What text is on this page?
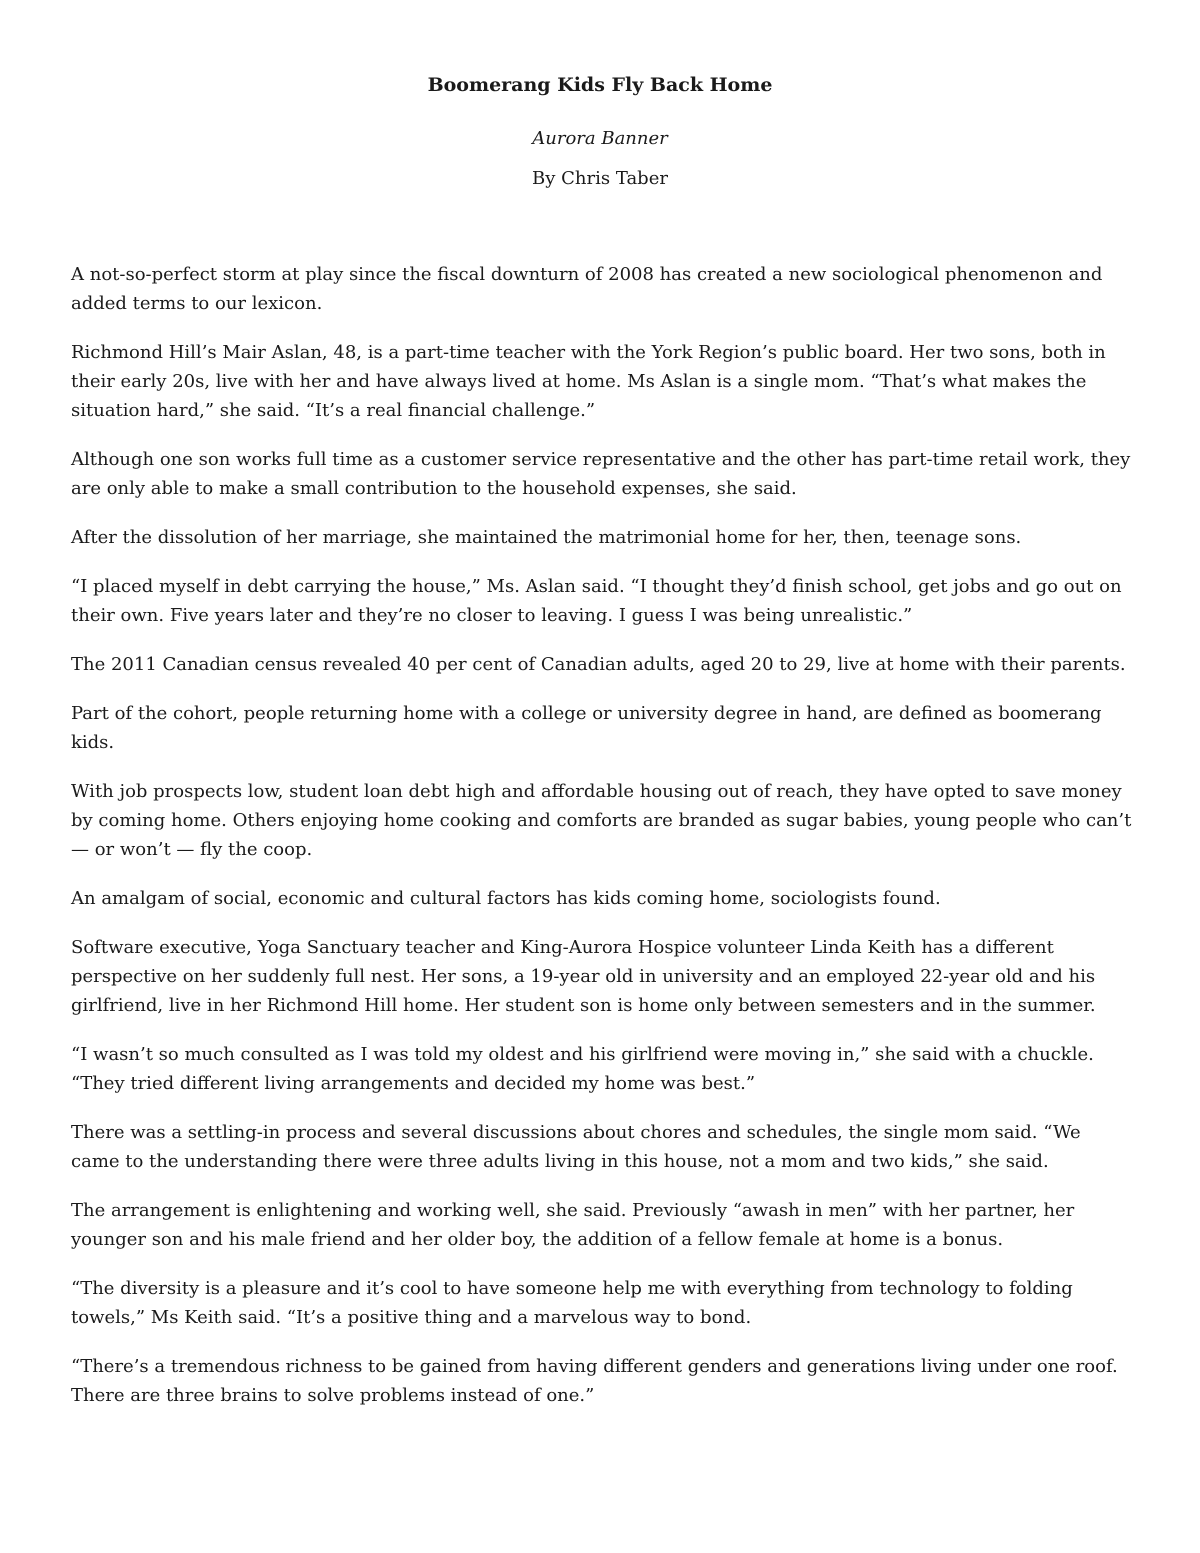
Boomerang Kids Fly Back Home
Aurora Banner
By Chris Taber

A not-so-perfect storm at play since the fiscal downturn of 2008 has created a new sociological phenomenon and added terms to our lexicon.

Richmond Hill’s Mair Aslan, 48, is a part-time teacher with the York Region’s public board. Her two sons, both in their early 20s, live with her and have always lived at home. Ms Aslan is a single mom. “That’s what makes the situation hard,” she said. “It’s a real financial challenge.”

Although one son works full time as a customer service representative and the other has part-time retail work, they are only able to make a small contribution to the household expenses, she said.

After the dissolution of her marriage, she maintained the matrimonial home for her, then, teenage sons.

“I placed myself in debt carrying the house,” Ms. Aslan said. “I thought they’d finish school, get jobs and go out on their own. Five years later and they’re no closer to leaving. I guess I was being unrealistic.”

The 2011 Canadian census revealed 40 per cent of Canadian adults, aged 20 to 29, live at home with their parents.

Part of the cohort, people returning home with a college or university degree in hand, are defined as boomerang kids.

With job prospects low, student loan debt high and affordable housing out of reach, they have opted to save money by coming home. Others enjoying home cooking and comforts are branded as sugar babies, young people who can’t — or won’t — fly the coop.

An amalgam of social, economic and cultural factors has kids coming home, sociologists found.

Software executive, Yoga Sanctuary teacher and King-Aurora Hospice volunteer Linda Keith has a different perspective on her suddenly full nest. Her sons, a 19-year old in university and an employed 22-year old and his girlfriend, live in her Richmond Hill home. Her student son is home only between semesters and in the summer.

“I wasn’t so much consulted as I was told my oldest and his girlfriend were moving in,” she said with a chuckle. “They tried different living arrangements and decided my home was best.”

There was a settling-in process and several discussions about chores and schedules, the single mom said. “We came to the understanding there were three adults living in this house, not a mom and two kids,” she said.

The arrangement is enlightening and working well, she said. Previously “awash in men” with her partner, her younger son and his male friend and her older boy, the addition of a fellow female at home is a bonus.

“The diversity is a pleasure and it’s cool to have someone help me with everything from technology to folding towels,” Ms Keith said. “It’s a positive thing and a marvelous way to bond.

“There’s a tremendous richness to be gained from having different genders and generations living under one roof. There are three brains to solve problems instead of one.”
